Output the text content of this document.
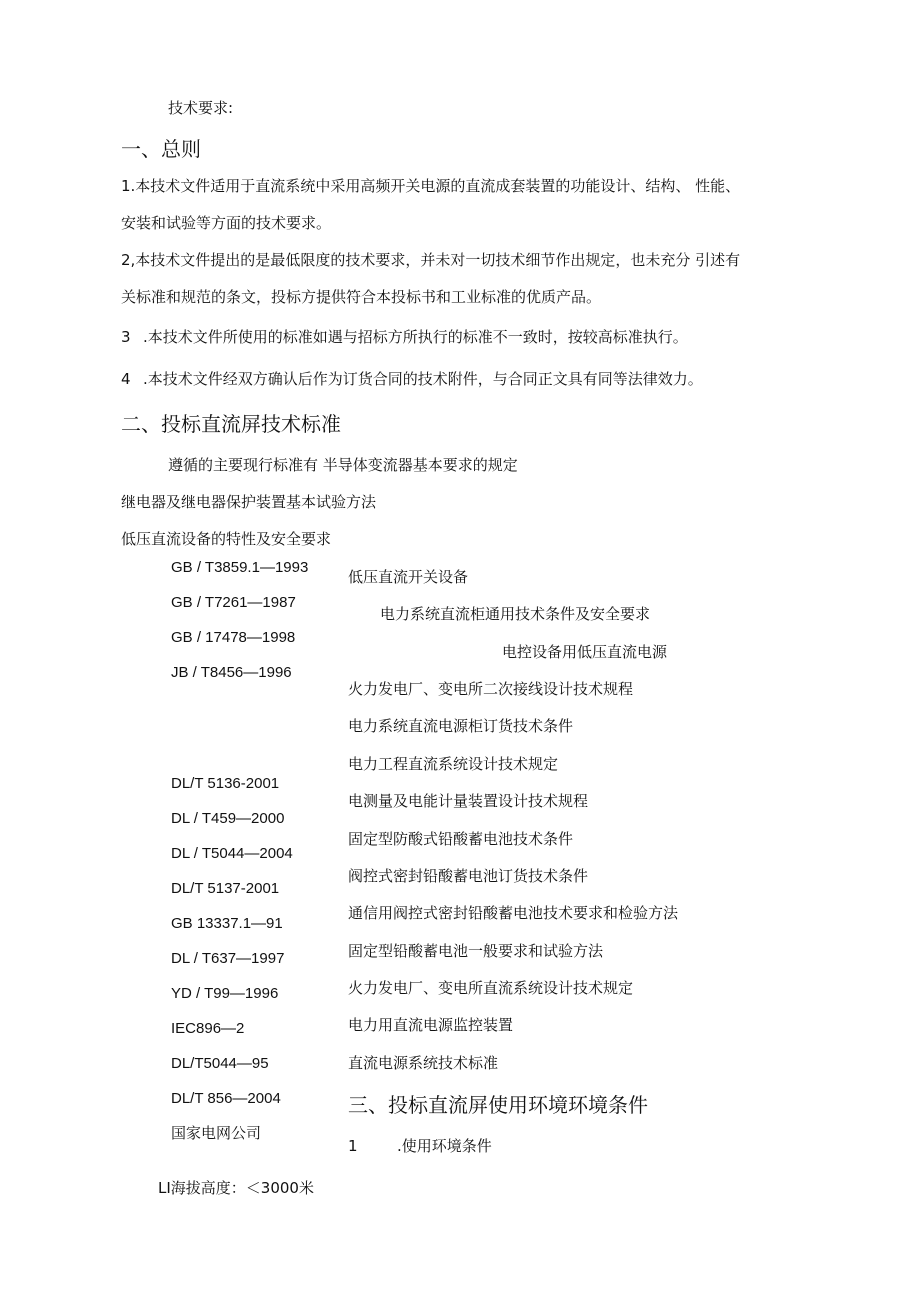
技术要求:
一、总则
1.本技术文件适用于直流系统中采用高频开关电源的直流成套装置的功能设计、结构、 性能、
安装和试验等方面的技术要求。
2,本技术文件提出的是最低限度的技术要求，并未对一切技术细节作出规定，也未充分 引述有
关标准和规范的条文，投标方提供符合本投标书和工业标准的优质产品。
3 .本技术文件所使用的标准如遇与招标方所执行的标准不一致时，按较高标准执行。
4 .本技术文件经双方确认后作为订货合同的技术附件，与合同正文具有同等法律效力。
二、投标直流屏技术标准
遵循的主要现行标准有 半导体变流器基本要求的规定
继电器及继电器保护装置基本试验方法
低压直流设备的特性及安全要求
GB / T3859.1—1993
GB / T7261—1987
GB / 17478—1998
JB / T8456—1996
DL/T 5136-2001
DL / T459—2000
DL / T5044—2004
DL/T 5137-2001
GB 13337.1—91
DL / T637—1997
YD / T99—1996
IEC896—2
DL/T5044—95
DL/T 856—2004
国家电网公司
低压直流开关设备
电力系统直流柜通用技术条件及安全要求
电控设备用低压直流电源
火力发电厂、变电所二次接线设计技术规程
电力系统直流电源柜订货技术条件
电力工程直流系统设计技术规定
电测量及电能计量装置设计技术规程
固定型防酸式铅酸蓄电池技术条件
阀控式密封铅酸蓄电池订货技术条件
通信用阀控式密封铅酸蓄电池技术要求和检验方法
固定型铅酸蓄电池一般要求和试验方法
火力发电厂、变电所直流系统设计技术规定
电力用直流电源监控装置
直流电源系统技术标准
三、投标直流屏使用环境环境条件
1	.使用环境条件
LI海拔高度：＜3000米
